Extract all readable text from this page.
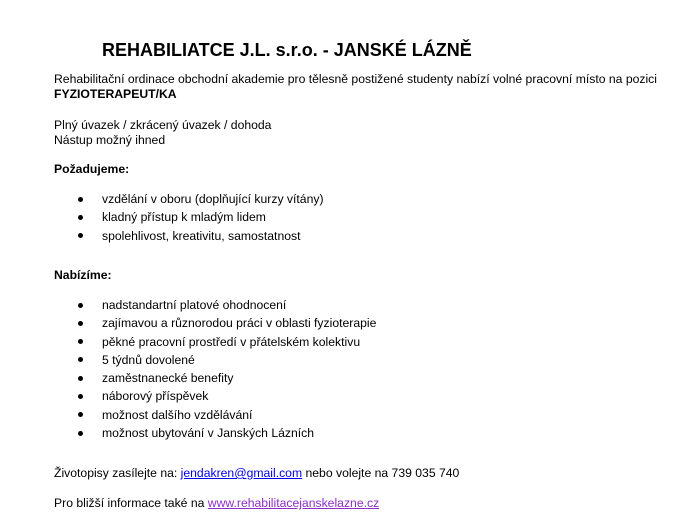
REHABILIATCE J.L. s.r.o. - JANSKÉ LÁZNĚ
Rehabilitační ordinace obchodní akademie pro tělesně postižené studenty nabízí volné pracovní místo na pozici
FYZIOTERAPEUT/KA
Plný úvazek / zkrácený úvazek / dohoda
Nástup možný ihned
Požadujeme:
vzdělání v oboru (doplňující kurzy vítány)
kladný přístup k mladým lidem
spolehlivost, kreativitu, samostatnost
Nabízíme:
nadstandartní platové ohodnocení
zajímavou a různorodou práci v oblasti fyzioterapie
pěkné pracovní prostředí v přátelském kolektivu
5 týdnů dovolené
zaměstnanecké benefity
náborový příspěvek
možnost dalšího vzdělávání
možnost ubytování v Janských Lázních
Životopisy zasílejte na: jendakren@gmail.com nebo volejte na 739 035 740
Pro bližší informace také na www.rehabilitacejanskelazne.cz
